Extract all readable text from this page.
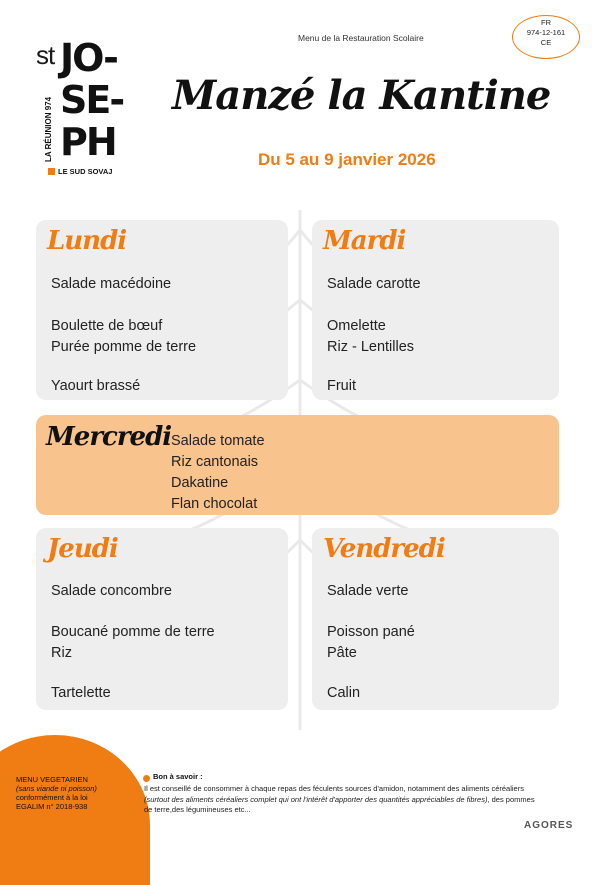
st JO-
SE-
PH
LA RÉUNION 974
LE SUD SOVAJ
Menu de la Restauration Scolaire
FR
974-12-161
CE
Manzé la Kantine
Du 5 au 9 janvier 2026
Lundi
Salade macédoine
Boulette de bœuf
Purée pomme de terre
Yaourt brassé
Mardi
Salade carotte
Omelette
Riz - Lentilles
Fruit
Mercredi Salade tomate
Riz cantonais
Dakatine
Flan chocolat
Jeudi
Salade concombre
Boucané pomme de terre
Riz
Tartelette
Vendredi
Salade verte
Poisson pané
Pâte
Calin
MENU VEGETARIEN
(sans viande ni poisson)
conformément à la loi
EGALIM n° 2018-938
Bon à savoir :
Il est conseillé de consommer à chaque repas des féculents sources d'amidon, notamment des aliments céréaliers (surtout des aliments céréaliers complet qui ont l'intérêt d'apporter des quantités appréciables de fibres), des pommes de terre,des légumineuses etc...
AGORES
